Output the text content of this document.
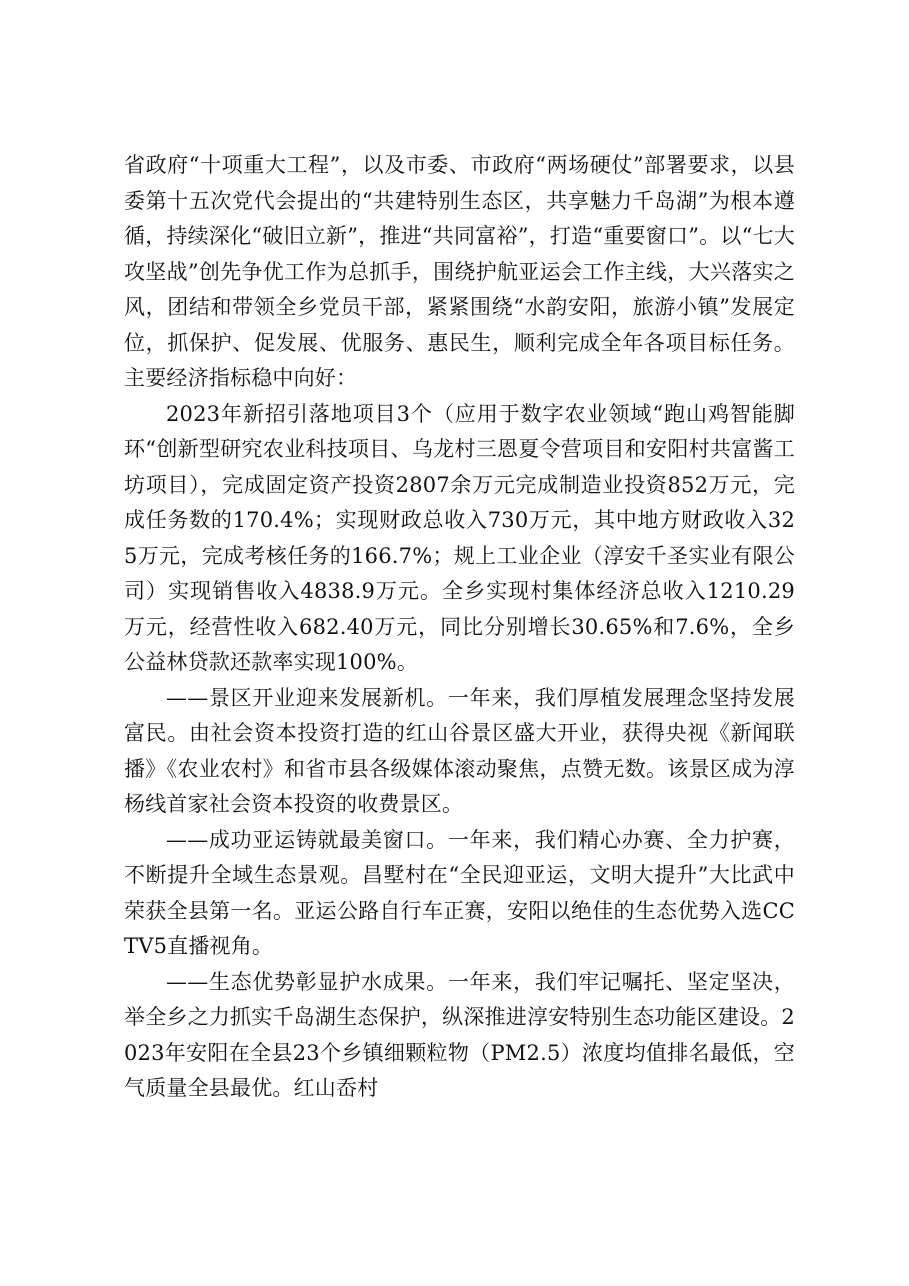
省政府“十项重大工程”，以及市委、市政府“两场硬仗”部署要求，以县委第十五次党代会提出的“共建特别生态区，共享魅力千岛湖”为根本遵循，持续深化“破旧立新”，推进“共同富裕”，打造“重要窗口”。以“七大攻坚战”创先争优工作为总抓手，围绕护航亚运会工作主线，大兴落实之风，团结和带领全乡党员干部，紧紧围绕“水韵安阳，旅游小镇”发展定位，抓保护、促发展、优服务、惠民生，顺利完成全年各项目标任务。主要经济指标稳中向好：

2023年新招引落地项目3个（应用于数字农业领域“跑山鸡智能脚环“创新型研究农业科技项目、乌龙村三恩夏令营项目和安阳村共富酱工坊项目），完成固定资产投资2807余万元完成制造业投资852万元，完成任务数的170.4%；实现财政总收入730万元，其中地方财政收入325万元，完成考核任务的166.7%；规上工业企业（淳安千圣实业有限公司）实现销售收入4838.9万元。全乡实现村集体经济总收入1210.29万元，经营性收入682.40万元，同比分别增长30.65%和7.6%，全乡公益林贷款还款率实现100%。

——景区开业迎来发展新机。一年来，我们厚植发展理念坚持发展富民。由社会资本投资打造的红山谷景区盛大开业，获得央视《新闻联播》《农业农村》和省市县各级媒体滚动聚焦，点赞无数。该景区成为淳杨线首家社会资本投资的收费景区。

——成功亚运铸就最美窗口。一年来，我们精心办赛、全力护赛，不断提升全域生态景观。昌墅村在“全民迎亚运，文明大提升”大比武中荣获全县第一名。亚运公路自行车正赛，安阳以绝佳的生态优势入选CCTV5直播视角。

——生态优势彰显护水成果。一年来，我们牢记嘱托、坚定坚决，举全乡之力抓实千岛湖生态保护，纵深推进淳安特别生态功能区建设。2023年安阳在全县23个乡镇细颗粒物（PM2.5）浓度均值排名最低，空气质量全县最优。红山岙村
